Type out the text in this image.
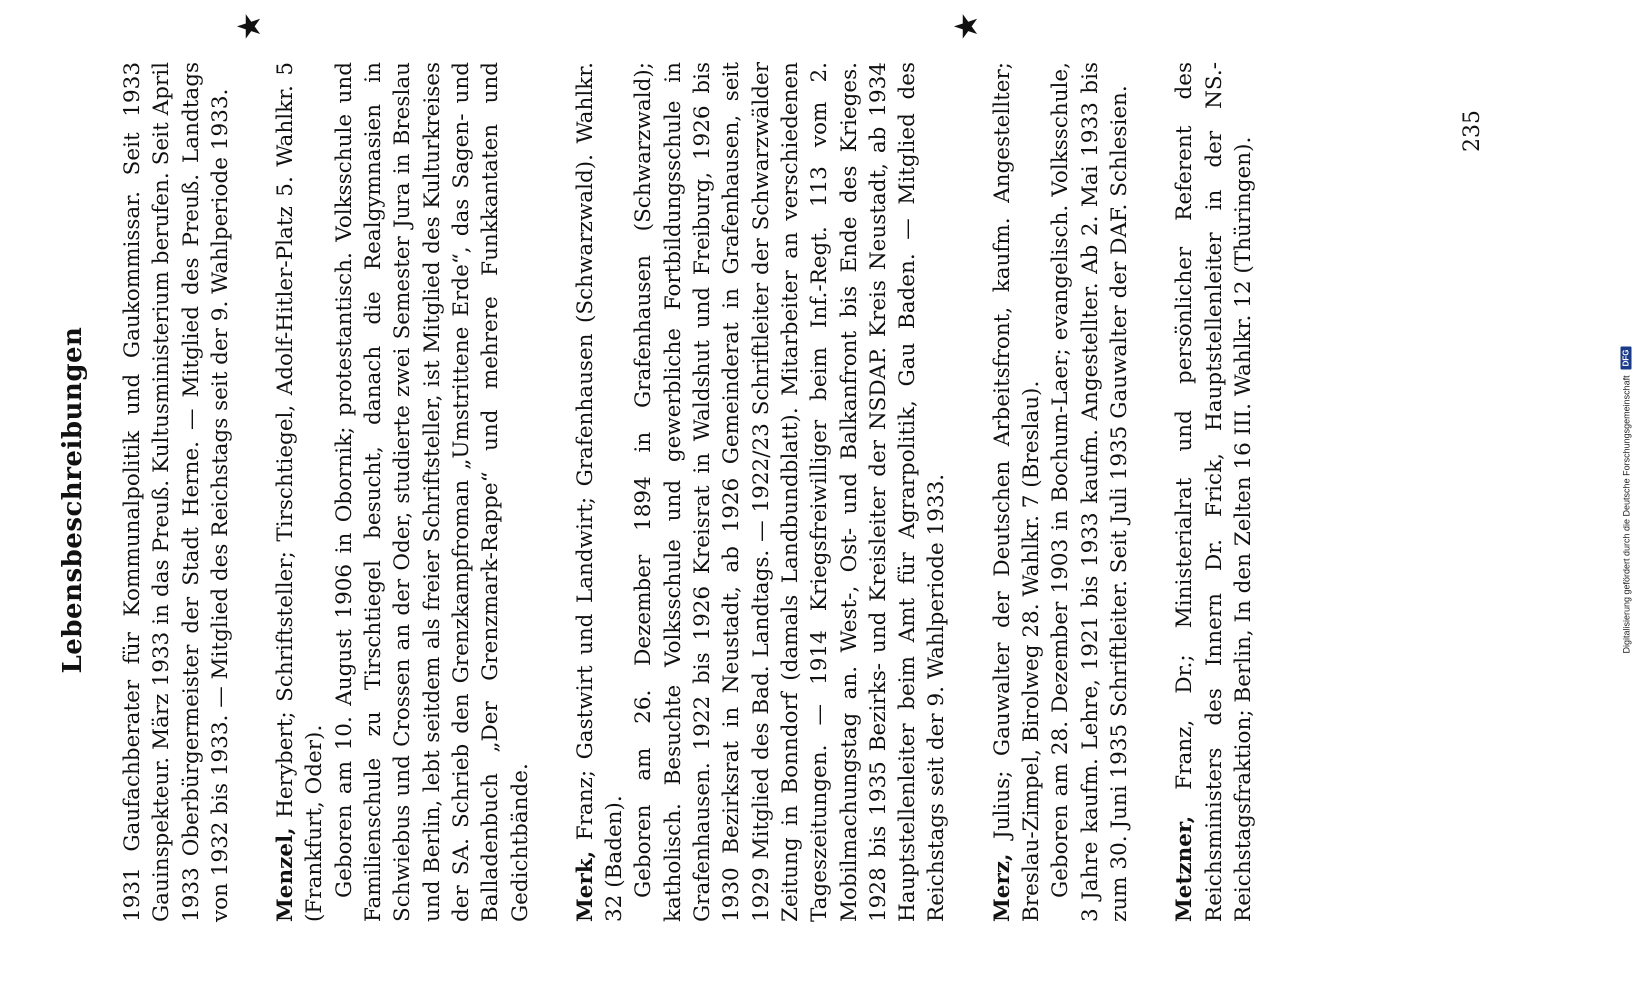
Lebensbeschreibungen 1931 Gaufachberater für Kommunalpolitik und Gaukommissar. Seit 1933 Gauinspekteur. März 1933 in das Preuß. Kultusministerium berufen. Seit April 1933 Oberbürgermeister der Stadt Herne. — Mitglied des Preuß. Landtags von 1932 bis 1933. — Mitglied des Reichstags seit der 9. Wahlperiode 1933.

★

Menzel, Herybert; Schriftsteller; Tirschtiegel, Adolf-Hitler-Platz 5. Wahlkr. 5 (Frankfurt, Oder). Geboren am 10. August 1906 in Obornik; protestantisch. Volksschule und Familienschule zu Tirschtiegel besucht, danach die Realgymnasien in Schwiebus und Crossen an der Oder, studierte zwei Semester Jura in Breslau und Berlin, lebt seitdem als freier Schriftsteller, ist Mitglied des Kulturkreises der SA. Schrieb den Grenzkampfroman „Umstrittene Erde“, das Sagen- und Balladenbuch „Der Grenzmark-Rappe“ und mehrere Funkkantaten und Gedichtbände. Merk, Franz; Gastwirt und Landwirt; Grafenhausen (Schwarzwald). Wahlkr. 32 (Baden). Geboren am 26. Dezember 1894 in Grafenhausen (Schwarzwald); katholisch. Besuchte Volksschule und gewerbliche Fortbildungsschule in Grafenhausen. 1922 bis 1926 Kreisrat in Waldshut und Freiburg, 1926 bis 1930 Bezirksrat in Neustadt, ab 1926 Gemeinderat in Grafenhausen, seit 1929 Mitglied des Bad. Landtags. — 1922/23 Schriftleiter der Schwarzwälder Zeitung in Bonndorf (damals Landbundblatt). Mitarbeiter an verschiedenen Tageszeitungen. — 1914 Kriegsfreiwilliger beim Inf.-Regt. 113 vom 2. Mobilmachungstag an. West-, Ost- und Balkanfront bis Ende des Krieges. 1928 bis 1935 Bezirks- und Kreisleiter der NSDAP. Kreis Neustadt, ab 1934 Hauptstellenleiter beim Amt für Agrarpolitik, Gau Baden. — Mitglied des Reichstags seit der 9. Wahlperiode 1933.

★

Merz, Julius; Gauwalter der Deutschen Arbeitsfront, kaufm. Angestellter; Breslau-Zimpel, Birolweg 28. Wahlkr. 7 (Breslau). Geboren am 28. Dezember 1903 in Bochum-Laer; evangelisch. Volksschule, 3 Jahre kaufm. Lehre, 1921 bis 1933 kaufm. Angestellter. Ab 2. Mai 1933 bis zum 30. Juni 1935 Schriftleiter. Seit Juli 1935 Gauwalter der DAF. Schlesien. Metzner, Franz, Dr.; Ministerialrat und persönlicher Referent des Reichsministers des Innern Dr. Frick, Hauptstellenleiter in der NS.-Reichstagsfraktion; Berlin, In den Zelten 16 III. Wahlkr. 12 (Thüringen).

235
Digitalisierung gefördert durch die Deutsche Forschungsgemeinschaft
DFG
